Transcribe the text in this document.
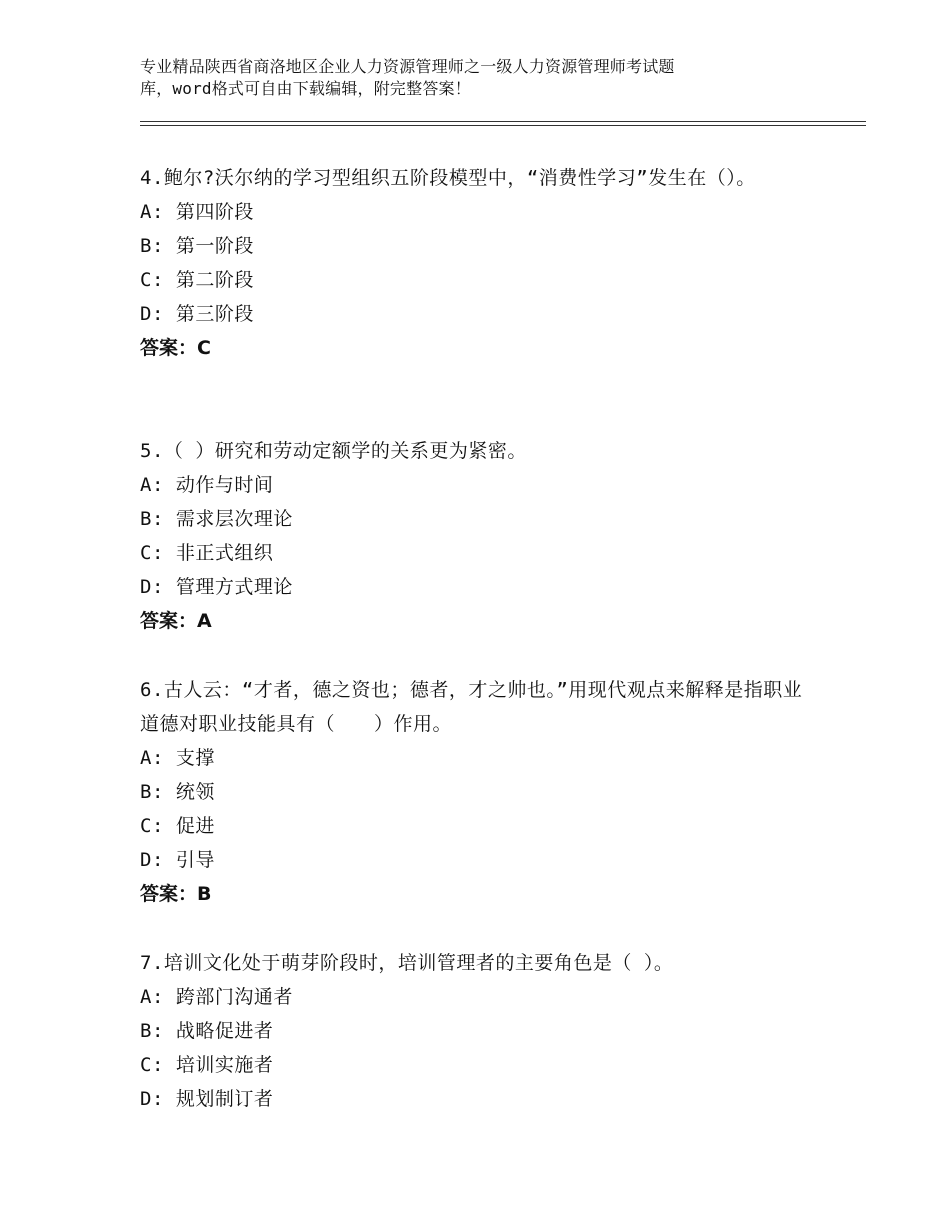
专业精品陕西省商洛地区企业人力资源管理师之一级人力资源管理师考试题
库，word格式可自由下载编辑，附完整答案！
4.鲍尔?沃尔纳的学习型组织五阶段模型中，“消费性学习”发生在（）。
A: 第四阶段
B: 第一阶段
C: 第二阶段
D: 第三阶段
答案：C
5.（ ）研究和劳动定额学的关系更为紧密。
A: 动作与时间
B: 需求层次理论
C: 非正式组织
D: 管理方式理论
答案：A
6.古人云：“才者，德之资也；德者，才之帅也。”用现代观点来解释是指职业道德对职业技能具有（　　）作用。
A: 支撑
B: 统领
C: 促进
D: 引导
答案：B
7.培训文化处于萌芽阶段时，培训管理者的主要角色是（ ）。
A: 跨部门沟通者
B: 战略促进者
C: 培训实施者
D: 规划制订者
